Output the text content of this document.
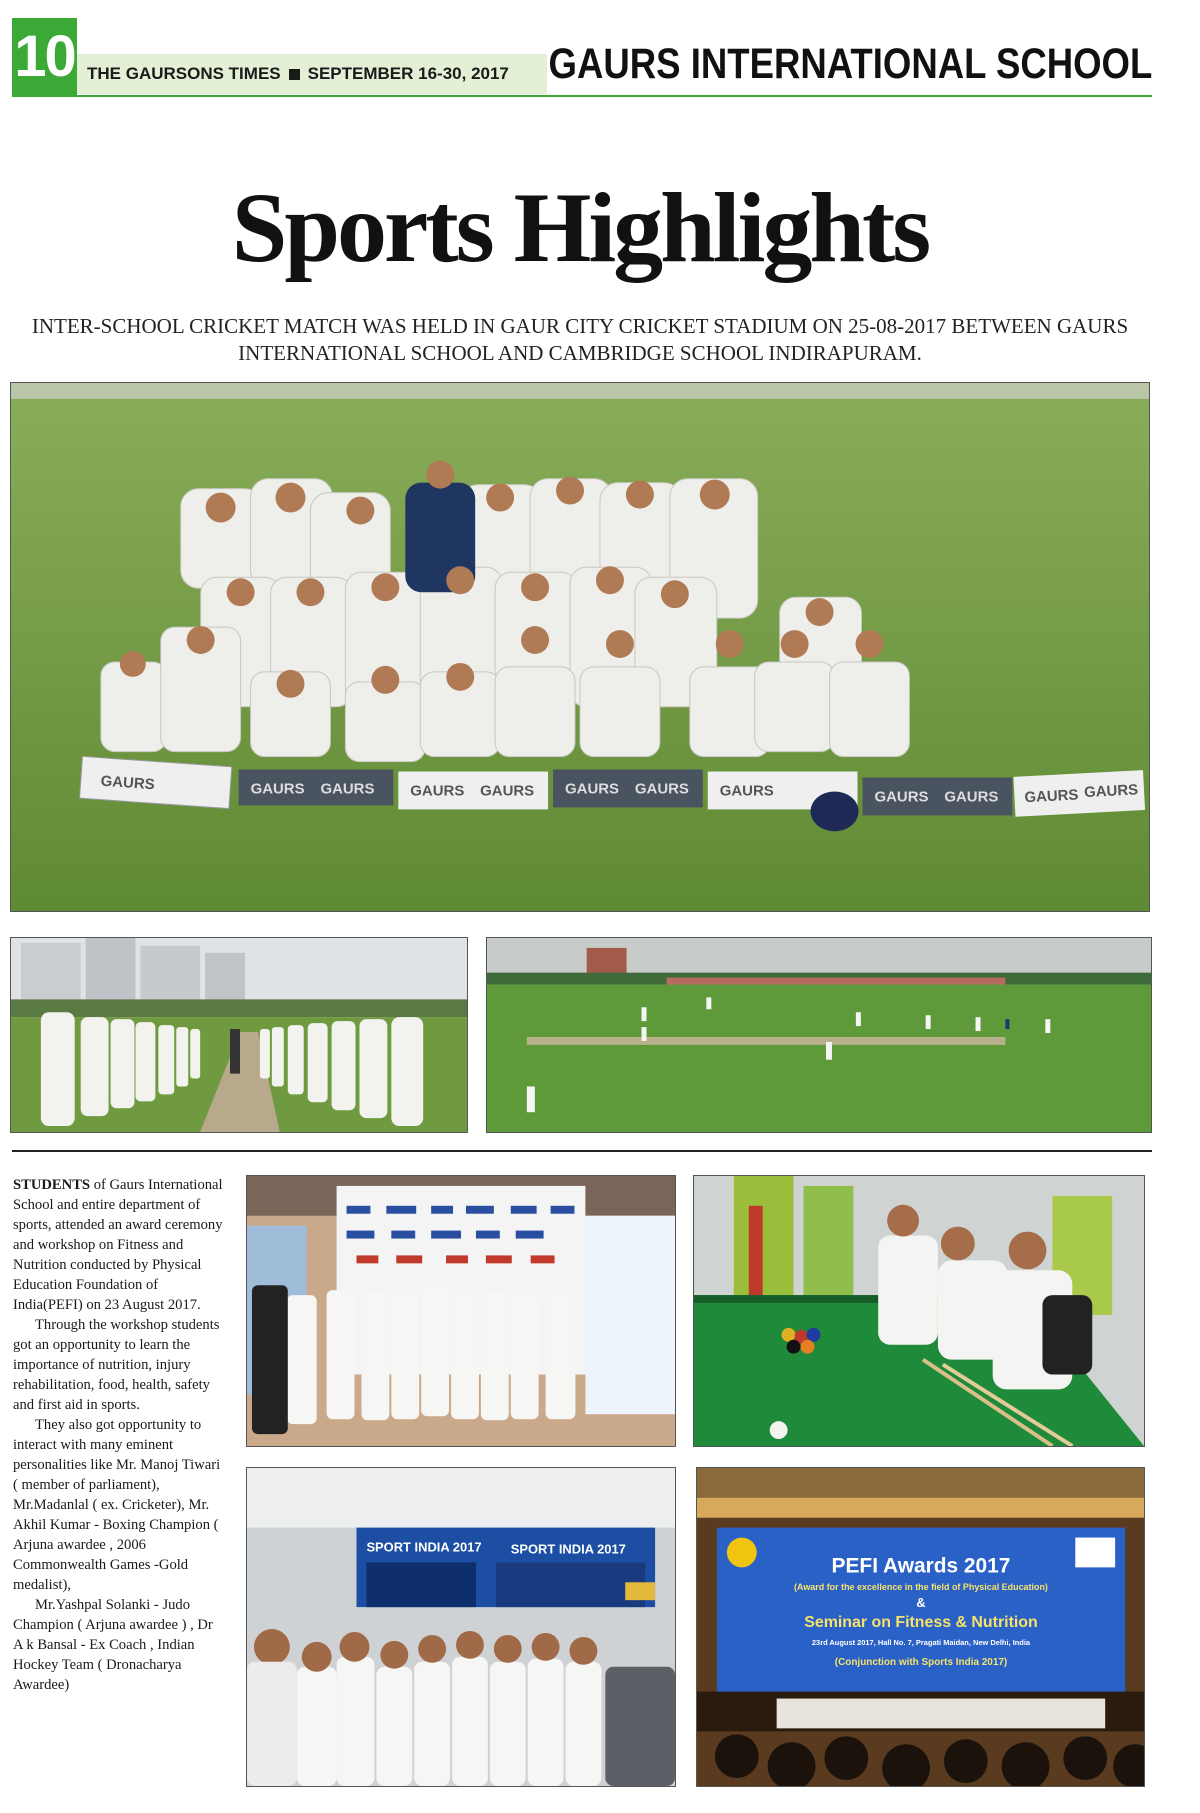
10 THE GAURSONS TIMES SEPTEMBER 16-30, 2017 GAURS INTERNATIONAL SCHOOL
Sports Highlights
INTER-SCHOOL CRICKET MATCH WAS HELD IN GAUR CITY CRICKET STADIUM ON 25-08-2017 BETWEEN GAURS INTERNATIONAL SCHOOL AND CAMBRIDGE SCHOOL INDIRAPURAM.
GAURS	GAURS GAURS GAURS GAURS GAURS GAURS GAURS	GAURS GAURS GAURS GAURS

STUDENTS of Gaurs International School and entire department of sports, attended an award ceremony and workshop on Fitness and Nutrition conducted by Physical Education Foundation of India(PEFI) on 23 August 2017.

Through the workshop students got an opportunity to learn the importance of nutrition, injury rehabilitation, food, health, safety and first aid in sports.

They also got opportunity to interact with many eminent personalities like Mr. Manoj Tiwari ( member of parliament), Mr.Madanlal ( ex. Cricketer), Mr. Akhil Kumar - Boxing Champion ( Arjuna awardee , 2006 Commonwealth Games -Gold medalist),

Mr.Yashpal Solanki - Judo Champion ( Arjuna awardee ) , Dr A k Bansal - Ex Coach , Indian Hockey Team ( Dronacharya Awardee)

SPORT INDIA 2017 SPORT INDIA 2017
PEFI Awards 2017
(Award for the excellence in the field of Physical Education)
&
Seminar on Fitness & Nutrition
23rd August 2017, Hall No. 7, Pragati Maidan, New Delhi, India
(Conjunction with Sports India 2017)
